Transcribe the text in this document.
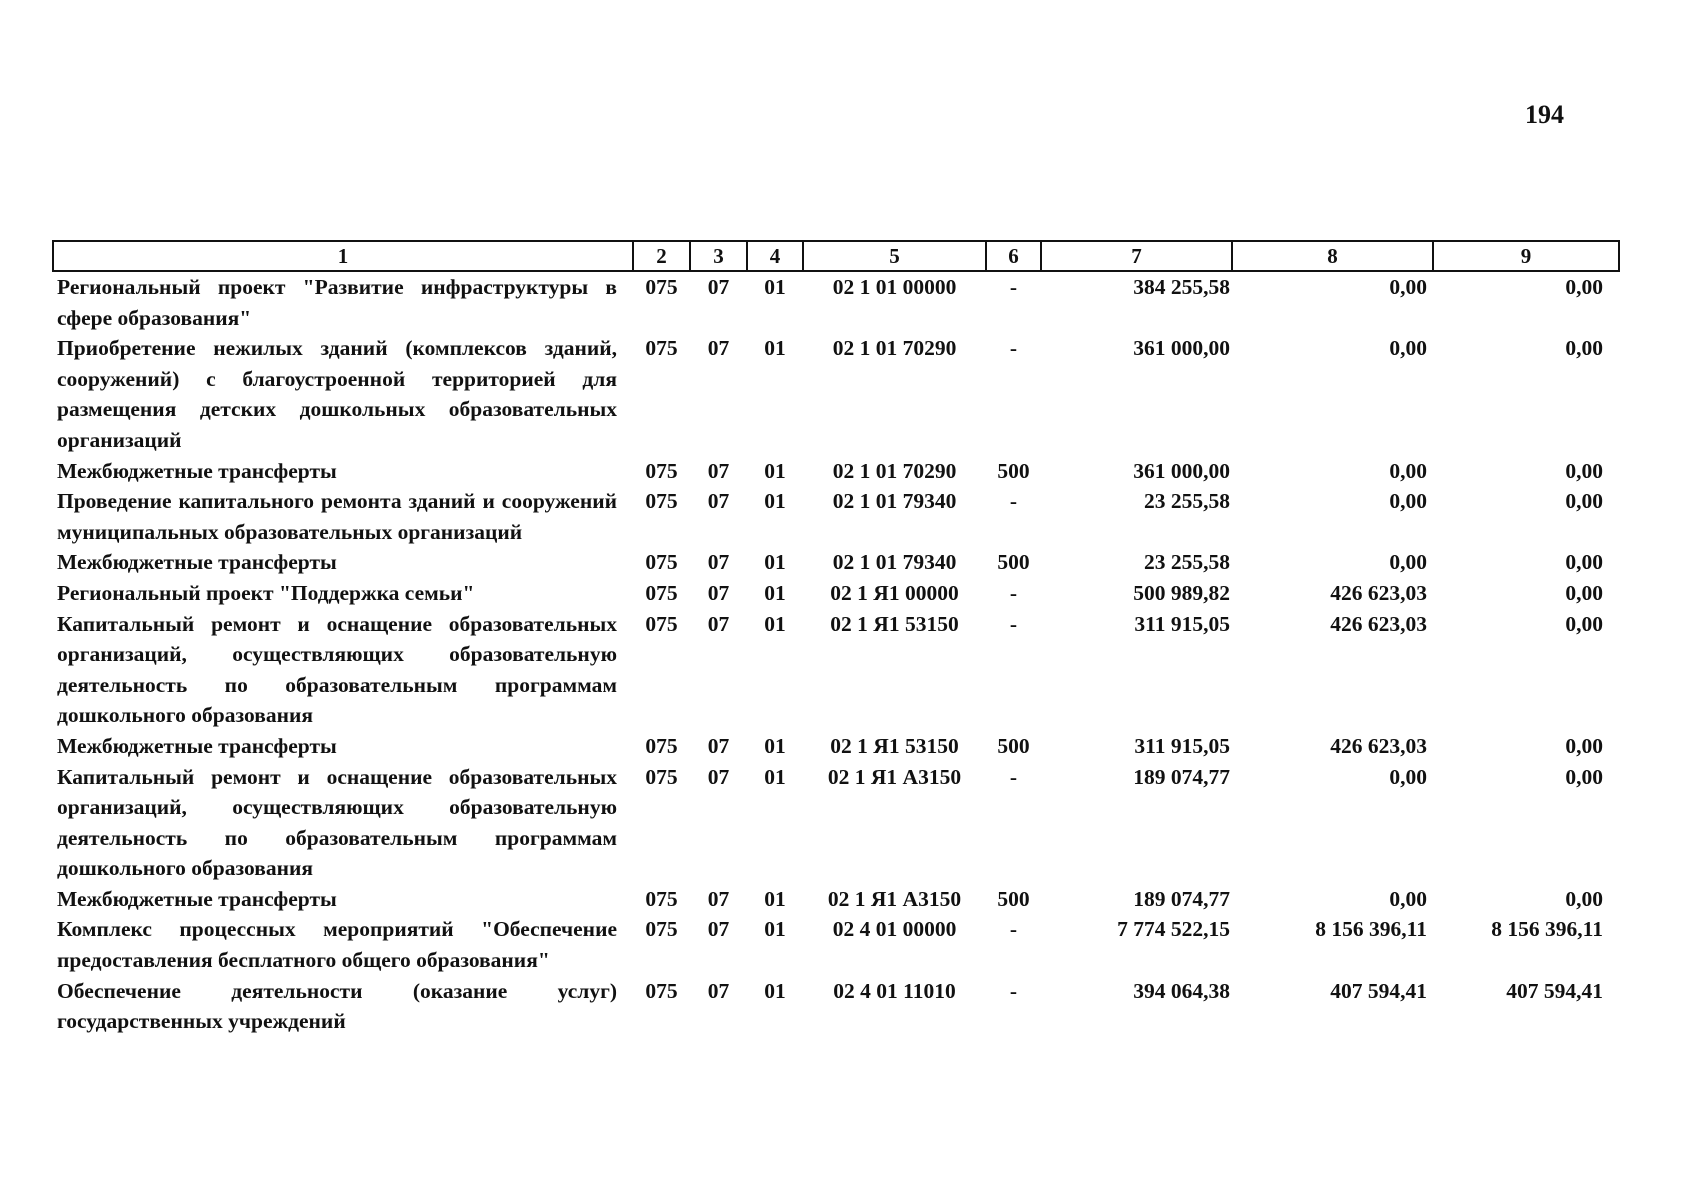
194
1	2	3	4	5	6	7	8	9
Региональный проект "Развитие инфраструктуры в сфере образования"	075	07	01	02 1 01 00000	-	384 255,58	0,00	0,00
Приобретение нежилых зданий (комплексов зданий, сооружений) с благоустроенной территорией для размещения детских дошкольных образовательных организаций	075	07	01	02 1 01 70290	-	361 000,00	0,00	0,00
Межбюджетные трансферты	075	07	01	02 1 01 70290	500	361 000,00	0,00	0,00
Проведение капитального ремонта зданий и сооружений муниципальных образовательных организаций	075	07	01	02 1 01 79340	-	23 255,58	0,00	0,00
Межбюджетные трансферты	075	07	01	02 1 01 79340	500	23 255,58	0,00	0,00
Региональный проект "Поддержка семьи"	075	07	01	02 1 Я1 00000	-	500 989,82	426 623,03	0,00
Капитальный ремонт и оснащение образовательных организаций, осуществляющих образовательную деятельность по образовательным программам дошкольного образования	075	07	01	02 1 Я1 53150	-	311 915,05	426 623,03	0,00
Межбюджетные трансферты	075	07	01	02 1 Я1 53150	500	311 915,05	426 623,03	0,00
Капитальный ремонт и оснащение образовательных организаций, осуществляющих образовательную деятельность по образовательным программам дошкольного образования	075	07	01	02 1 Я1 А3150	-	189 074,77	0,00	0,00
Межбюджетные трансферты	075	07	01	02 1 Я1 А3150	500	189 074,77	0,00	0,00
Комплекс процессных мероприятий "Обеспечение предоставления бесплатного общего образования"	075	07	01	02 4 01 00000	-	7 774 522,15	8 156 396,11	8 156 396,11
Обеспечение деятельности (оказание услуг) государственных учреждений	075	07	01	02 4 01 11010	-	394 064,38	407 594,41	407 594,41
